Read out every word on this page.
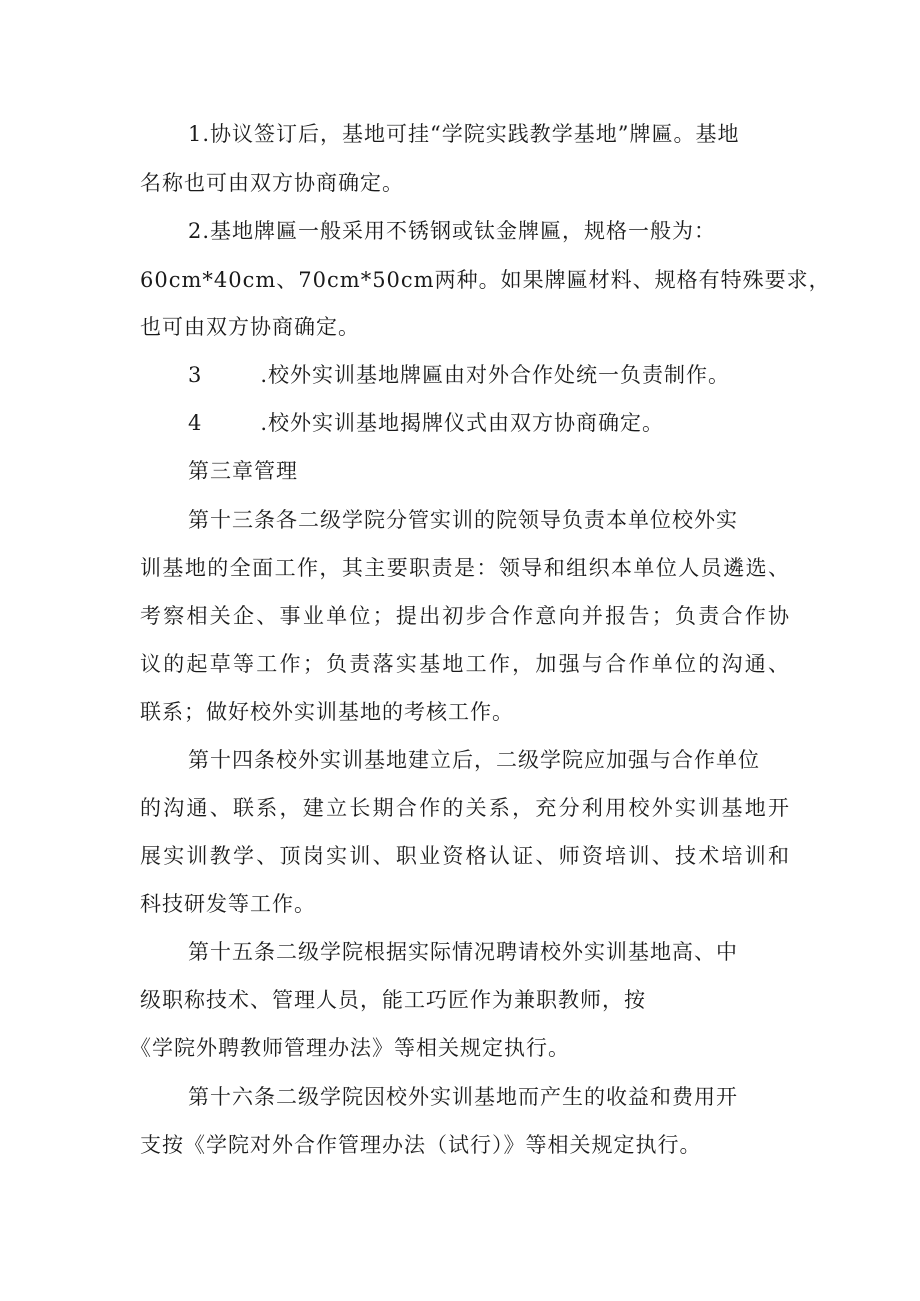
1.协议签订后，基地可挂“学院实践教学基地”牌匾。基地
名称也可由双方协商确定。
2.基地牌匾一般采用不锈钢或钛金牌匾，规格一般为：
60cm*40cm、70cm*50cm两种。如果牌匾材料、规格有特殊要求，
也可由双方协商确定。
3	.校外实训基地牌匾由对外合作处统一负责制作。
4	.校外实训基地揭牌仪式由双方协商确定。
第三章管理
第十三条各二级学院分管实训的院领导负责本单位校外实
训基地的全面工作，其主要职责是：领导和组织本单位人员遴选、
考察相关企、事业单位；提出初步合作意向并报告；负责合作协
议的起草等工作；负责落实基地工作，加强与合作单位的沟通、
联系；做好校外实训基地的考核工作。
第十四条校外实训基地建立后，二级学院应加强与合作单位
的沟通、联系，建立长期合作的关系，充分利用校外实训基地开
展实训教学、顶岗实训、职业资格认证、师资培训、技术培训和
科技研发等工作。
第十五条二级学院根据实际情况聘请校外实训基地高、中
级职称技术、管理人员，能工巧匠作为兼职教师，按
《学院外聘教师管理办法》等相关规定执行。
第十六条二级学院因校外实训基地而产生的收益和费用开
支按《学院对外合作管理办法（试行）》等相关规定执行。
